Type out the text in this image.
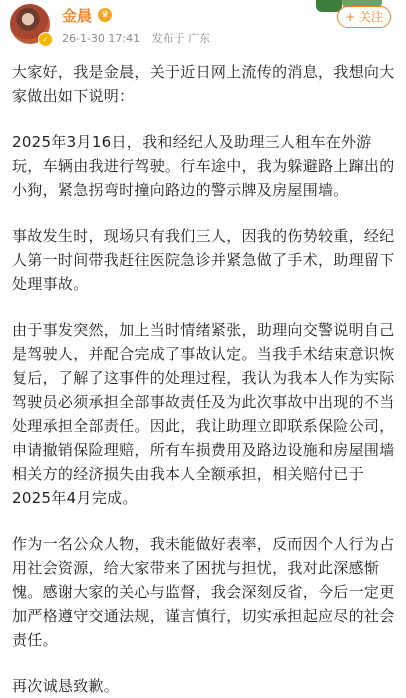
✓
金晨 ♛
26-1-30 17:41 发布于 广东
+ 关注

大家好，我是金晨，关于近日网上流传的消息，我想向大家做出如下说明：

2025年3月16日，我和经纪人及助理三人租车在外游玩，车辆由我进行驾驶。行车途中，我为躲避路上蹿出的小狗，紧急拐弯时撞向路边的警示牌及房屋围墙。

事故发生时，现场只有我们三人，因我的伤势较重，经纪人第一时间带我赶往医院急诊并紧急做了手术，助理留下处理事故。

由于事发突然，加上当时情绪紧张，助理向交警说明自己是驾驶人，并配合完成了事故认定。当我手术结束意识恢复后，了解了这事件的处理过程，我认为我本人作为实际驾驶员必须承担全部事故责任及为此次事故中出现的不当处理承担全部责任。因此，我让助理立即联系保险公司，申请撤销保险理赔，所有车损费用及路边设施和房屋围墙相关方的经济损失由我本人全额承担，相关赔付已于2025年4月完成。

作为一名公众人物，我未能做好表率，反而因个人行为占用社会资源，给大家带来了困扰与担忧，我对此深感惭愧。感谢大家的关心与监督，我会深刻反省，今后一定更加严格遵守交通法规，谨言慎行，切实承担起应尽的社会责任。

再次诚恳致歉。
